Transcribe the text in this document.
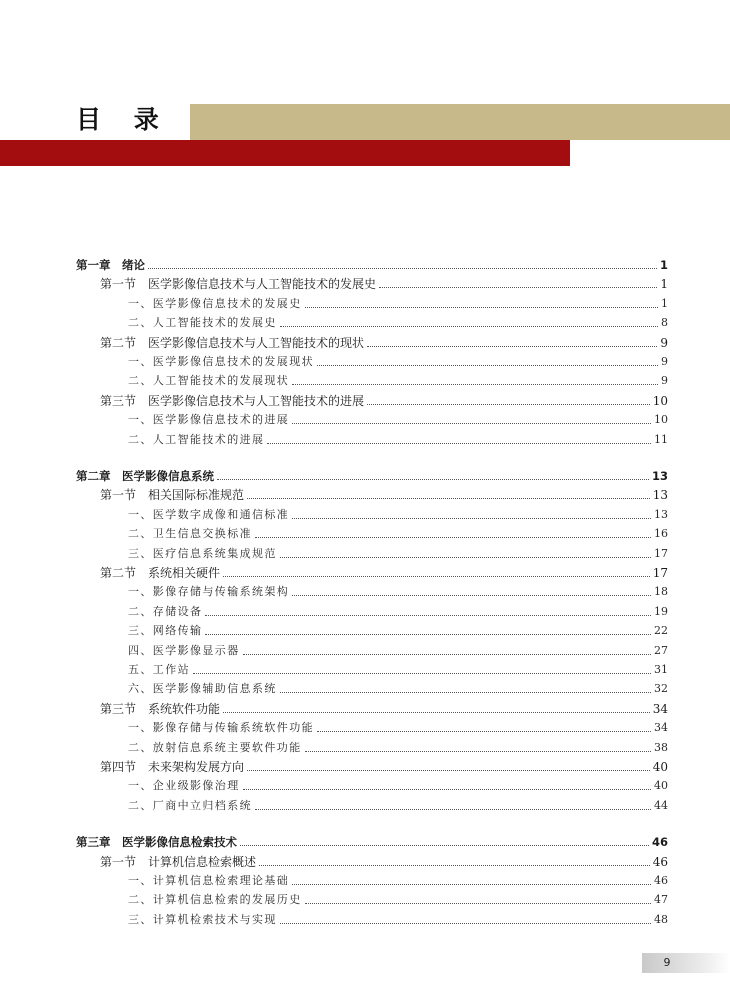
目 录
第一章　绪论	1
第一节　医学影像信息技术与人工智能技术的发展史	1
一、医学影像信息技术的发展史	1
二、人工智能技术的发展史	8
第二节　医学影像信息技术与人工智能技术的现状	9
一、医学影像信息技术的发展现状	9
二、人工智能技术的发展现状	9
第三节　医学影像信息技术与人工智能技术的进展	10
一、医学影像信息技术的进展	10
二、人工智能技术的进展	11
第二章　医学影像信息系统	13
第一节　相关国际标准规范	13
一、医学数字成像和通信标准	13
二、卫生信息交换标准	16
三、医疗信息系统集成规范	17
第二节　系统相关硬件	17
一、影像存储与传输系统架构	18
二、存储设备	19
三、网络传输	22
四、医学影像显示器	27
五、工作站	31
六、医学影像辅助信息系统	32
第三节　系统软件功能	34
一、影像存储与传输系统软件功能	34
二、放射信息系统主要软件功能	38
第四节　未来架构发展方向	40
一、企业级影像治理	40
二、厂商中立归档系统	44
第三章　医学影像信息检索技术	46
第一节　计算机信息检索概述	46
一、计算机信息检索理论基础	46
二、计算机信息检索的发展历史	47
三、计算机检索技术与实现	48
9
